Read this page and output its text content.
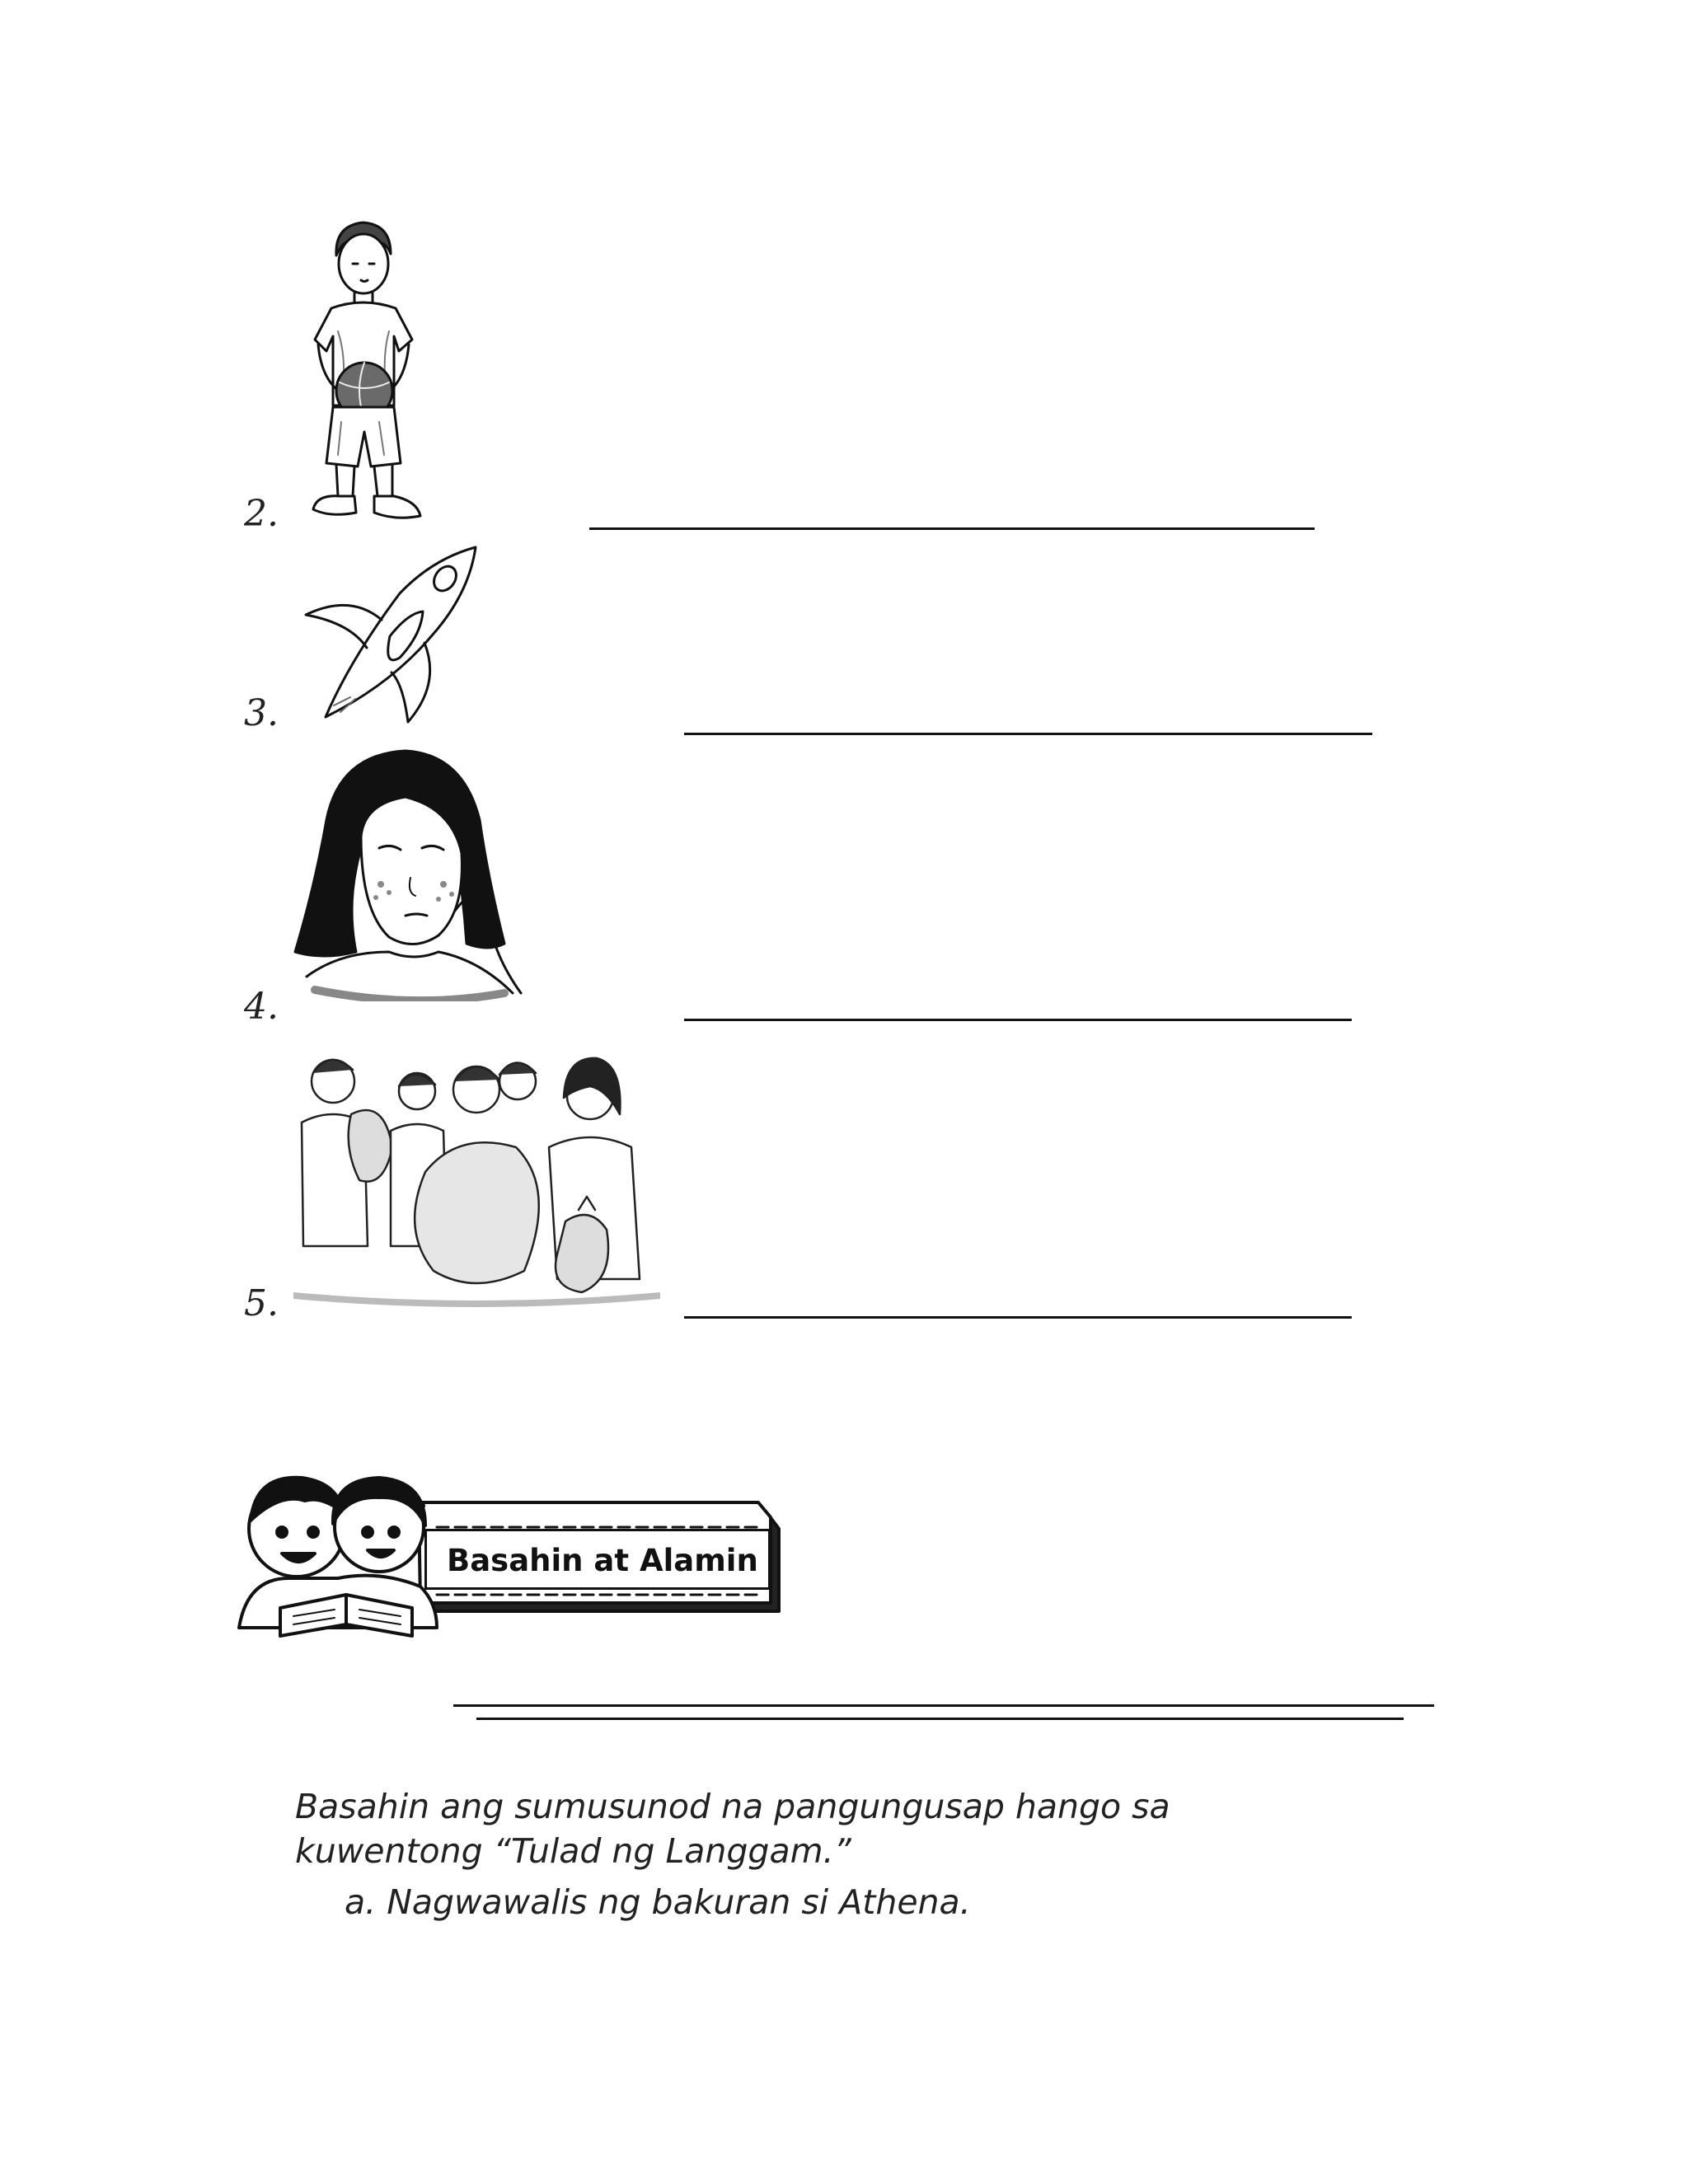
2.
3.
4.
5.
Basahin at Alamin
Basahin ang sumusunod na pangungusap hango sa
kuwentong “Tulad ng Langgam.”
a. Nagwawalis ng bakuran si Athena.
